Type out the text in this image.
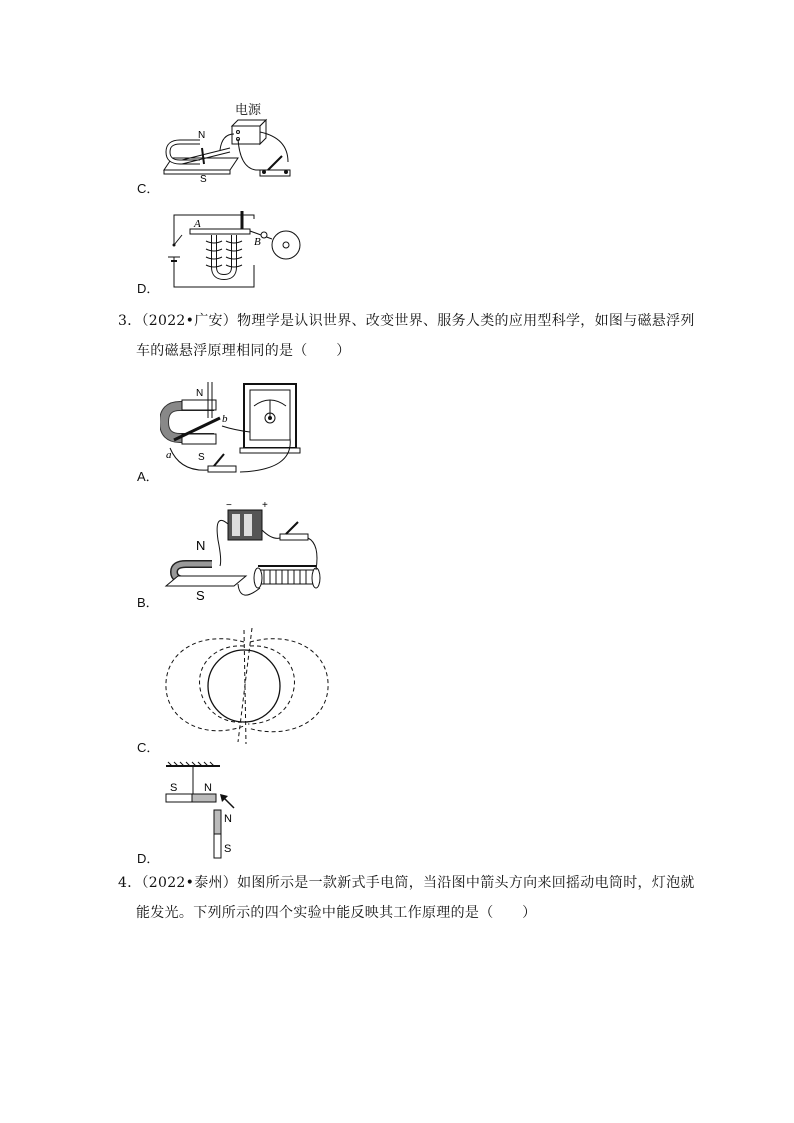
电源
N
S
C．
A
B
D．
3．（2022•广安）物理学是认识世界、改变世界、服务人类的应用型科学，如图与磁悬浮列
车的磁悬浮原理相同的是（　　）
N
S
a
b
A．
−	+
N
S
B．
C．
S N
N
S
D．
4．（2022•泰州）如图所示是一款新式手电筒，当沿图中箭头方向来回摇动电筒时，灯泡就
能发光。下列所示的四个实验中能反映其工作原理的是（　　）
